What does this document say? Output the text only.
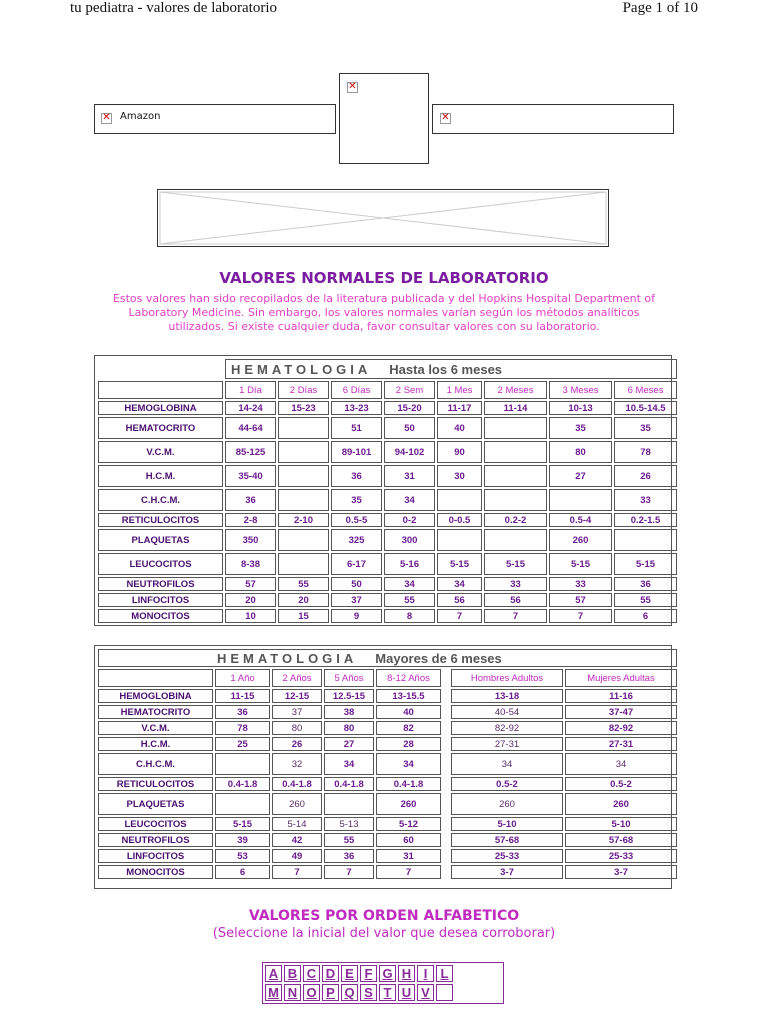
tu pediatra - valores de laboratorio	Page 1 of 10
✕
Amazon
✕
✕
VALORES NORMALES DE LABORATORIO
Estos valores han sido recopilados de la literatura publicada y del Hopkins Hospital Department of Laboratory Medicine. Sin embargo, los valores normales varían según los métodos analíticos utilizados. Si existe cualquier duda, favor consultar valores con su laboratorio.
	HEMATOLOGIA Hasta los 6 meses							
	1 Día	2 Días	6 Días	2 Sem	1 Mes	2 Meses	3 Meses	6 Meses
HEMOGLOBINA	14-24	15-23	13-23	15-20	11-17	11-14	10-13	10.5-14.5
HEMATOCRITO	44-64		51	50	40		35	35
V.C.M.	85-125		89-101	94-102	90		80	78
H.C.M.	35-40		36	31	30		27	26
C.H.C.M.	36		35	34				33
RETICULOCITOS	2-8	2-10	0.5-5	0-2	0-0.5	0.2-2	0.5-4	0.2-1.5
PLAQUETAS	350		325	300			260	
LEUCOCITOS	8-38		6-17	5-16	5-15	5-15	5-15	5-15
NEUTROFILOS	57	55	50	34	34	33	33	36
LINFOCITOS	20	20	37	55	56	56	57	55
MONOCITOS	10	15	9	8	7	7	7	6
HEMATOLOGIA Mayores de 6 meses							
	1 Año	2 Años	5 Años	8-12 Años		Hombres Adultos	Mujeres Adultas
HEMOGLOBINA	11-15	12-15	12.5-15	13-15.5		13-18	11-16
HEMATOCRITO	36	37	38	40		40-54	37-47
V.C.M.	78	80	80	82		82-92	82-92
H.C.M.	25	26	27	28		27-31	27-31
C.H.C.M.		32	34	34		34	34
RETICULOCITOS	0.4-1.8	0.4-1.8	0.4-1.8	0.4-1.8		0.5-2	0.5-2
PLAQUETAS		260		260		260	260
LEUCOCITOS	5-15	5-14	5-13	5-12		5-10	5-10
NEUTROFILOS	39	42	55	60		57-68	57-68
LINFOCITOS	53	49	36	31		25-33	25-33
MONOCITOS	6	7	7	7		3-7	3-7
VALORES POR ORDEN ALFABETICO
(Seleccione la inicial del valor que desea corroborar)
A B C D E F G H I	L
M N O P Q S T U V
